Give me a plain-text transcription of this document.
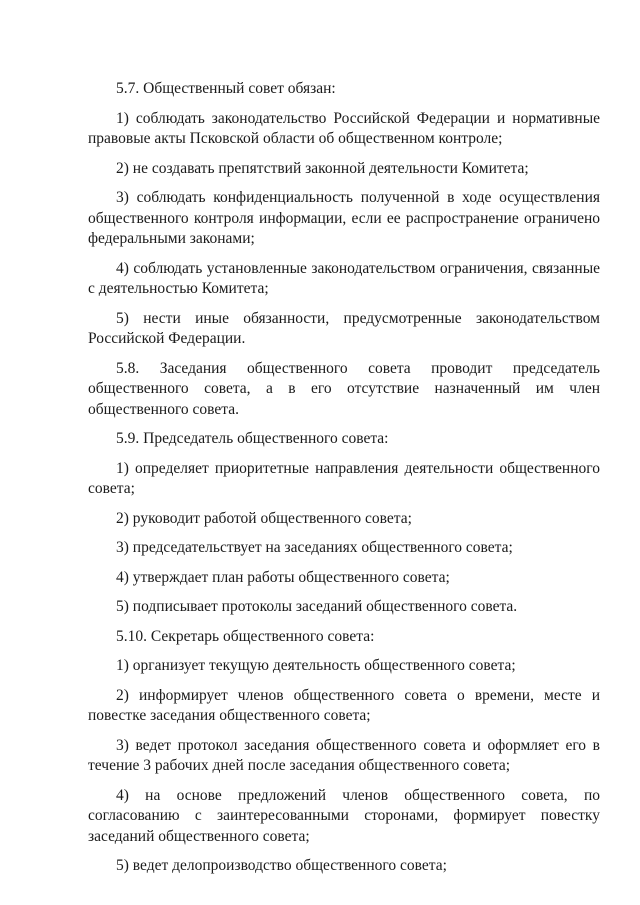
5.7. Общественный совет обязан:

1) соблюдать законодательство Российской Федерации и нормативные правовые акты Псковской области об общественном контроле;

2) не создавать препятствий законной деятельности Комитета;

3) соблюдать конфиденциальность полученной в ходе осуществления общественного контроля информации, если ее распространение ограничено федеральными законами;

4) соблюдать установленные законодательством ограничения, связанные с деятельностью Комитета;

5) нести иные обязанности, предусмотренные законодательством Российской Федерации.

5.8. Заседания общественного совета проводит председатель общественного совета, а в его отсутствие назначенный им член общественного совета.

5.9. Председатель общественного совета:

1) определяет приоритетные направления деятельности общественного совета;

2) руководит работой общественного совета;

3) председательствует на заседаниях общественного совета;

4) утверждает план работы общественного совета;

5) подписывает протоколы заседаний общественного совета.

5.10. Секретарь общественного совета:

1) организует текущую деятельность общественного совета;

2) информирует членов общественного совета о времени, месте и повестке заседания общественного совета;

3) ведет протокол заседания общественного совета и оформляет его в течение 3 рабочих дней после заседания общественного совета;

4) на основе предложений членов общественного совета, по согласованию с заинтересованными сторонами, формирует повестку заседаний общественного совета;

5) ведет делопроизводство общественного совета;
